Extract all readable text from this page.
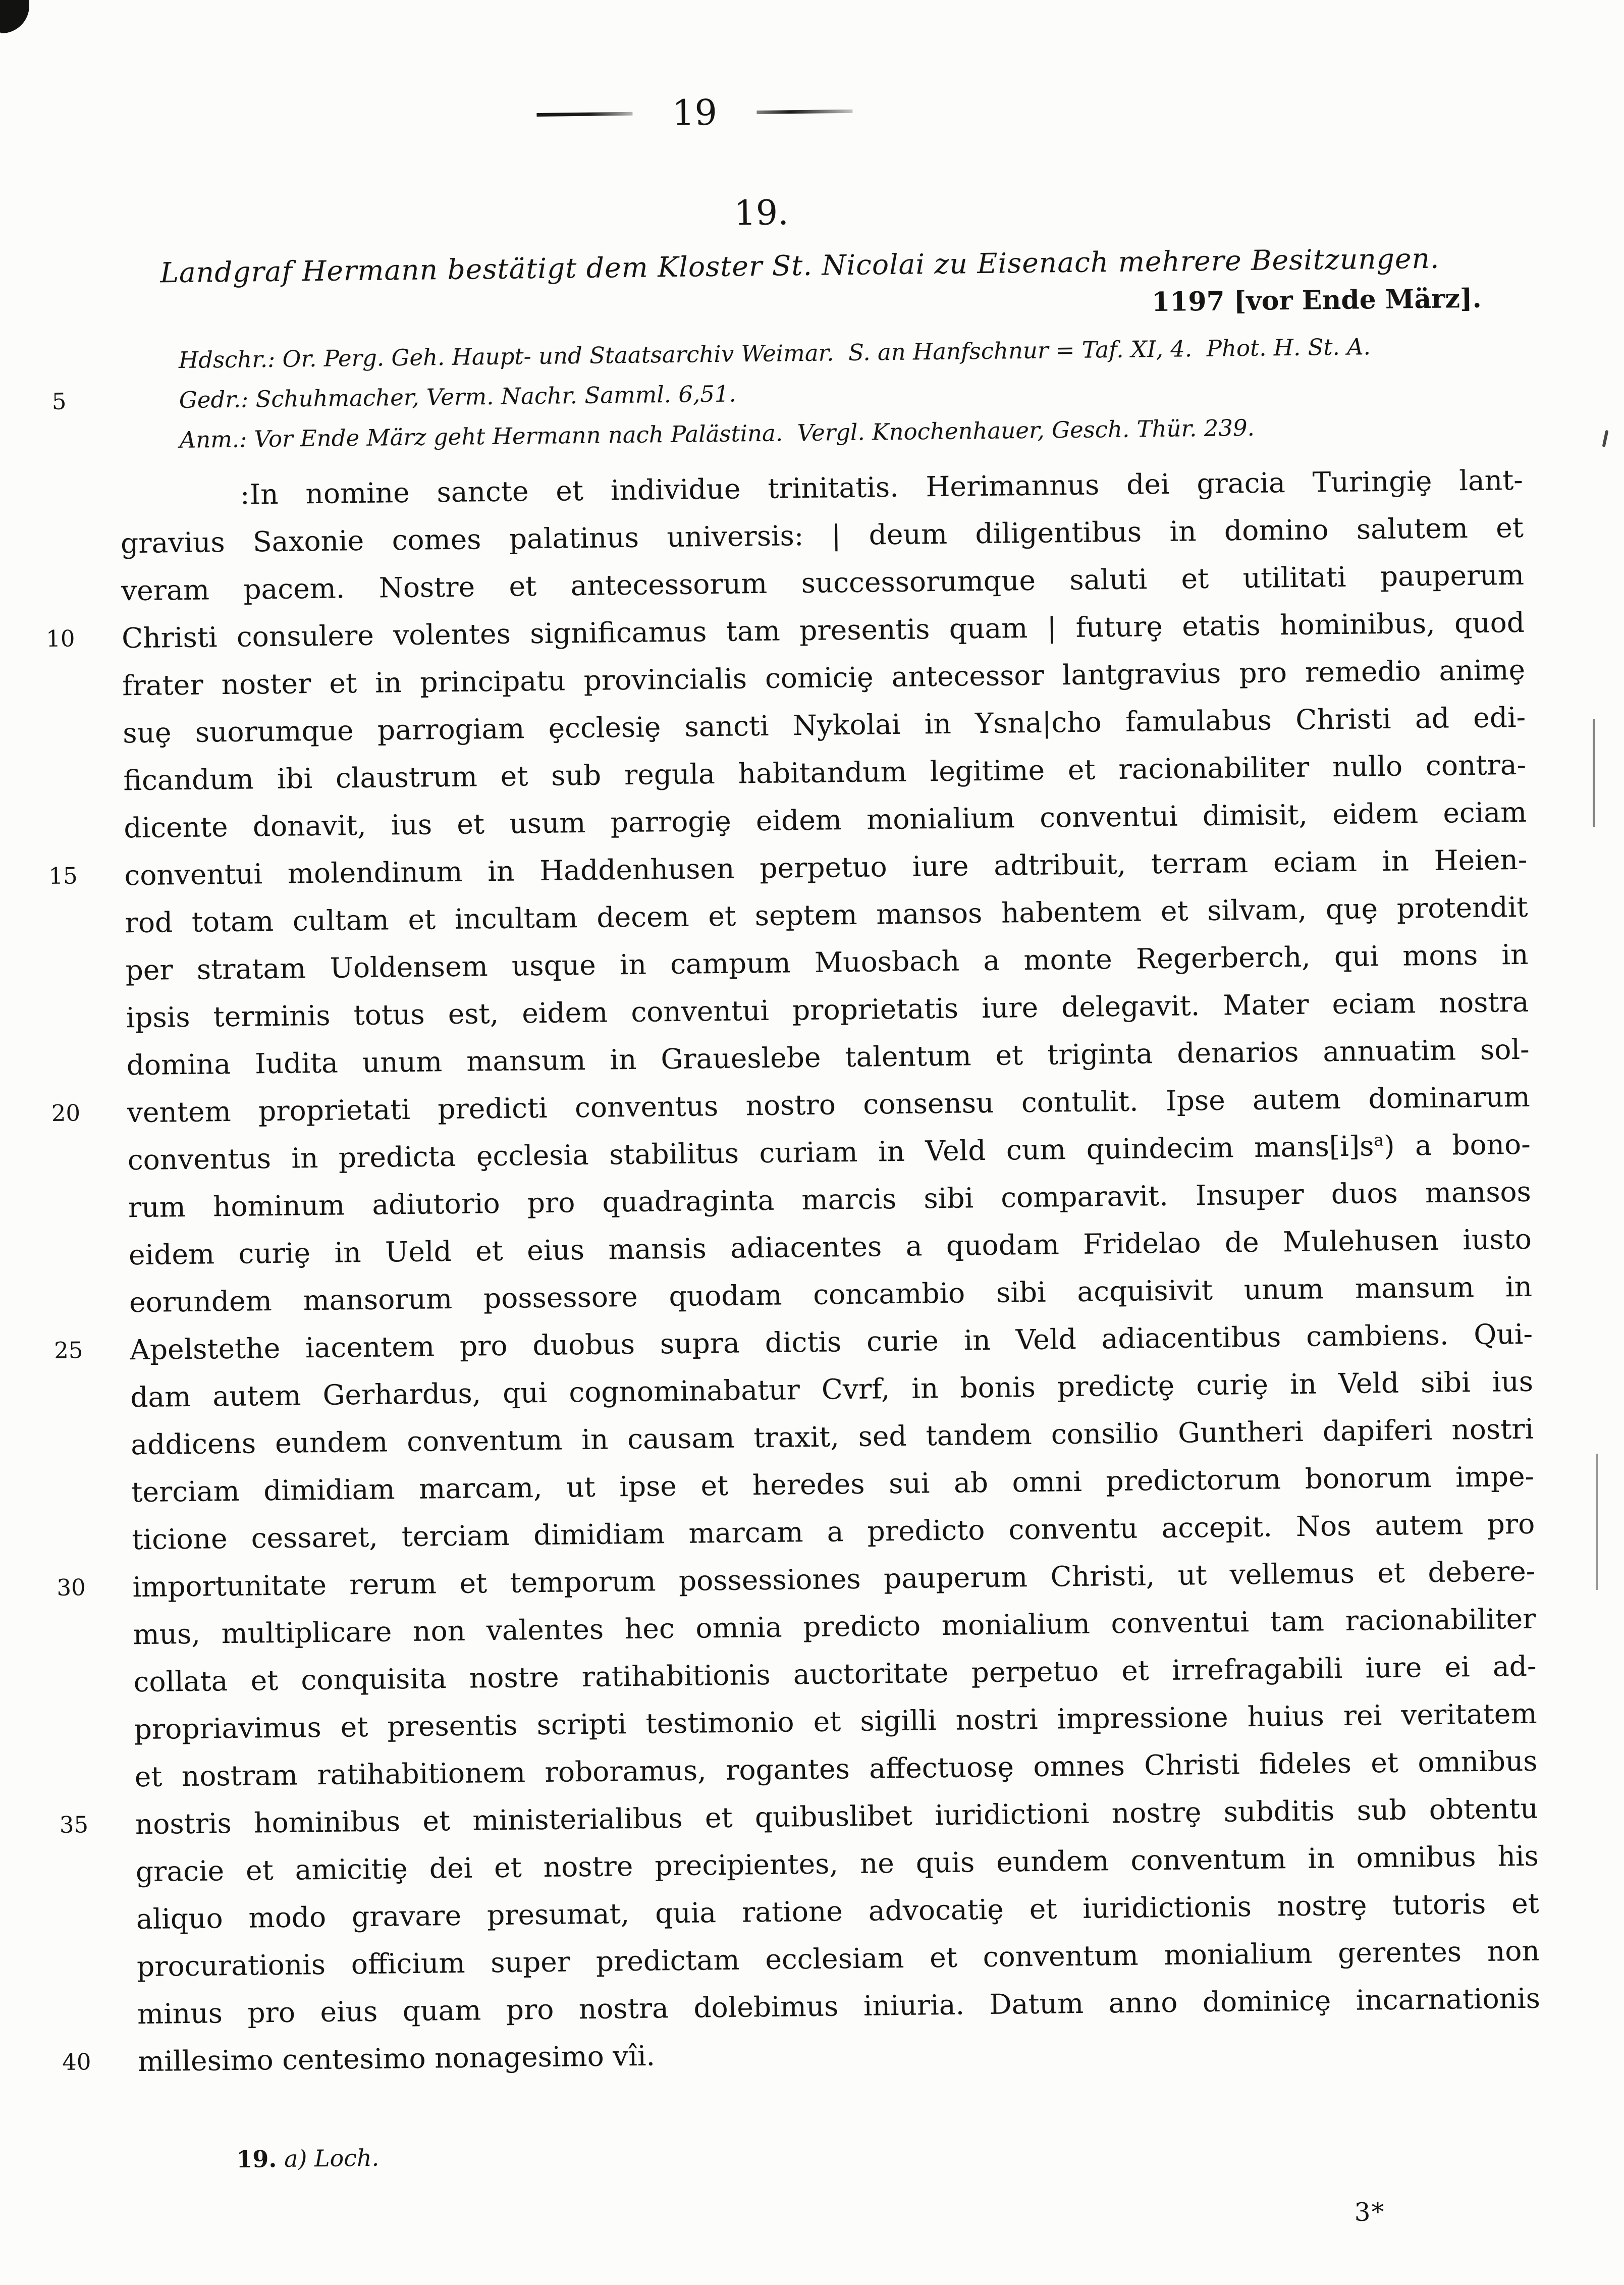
19
19.
Landgraf Hermann bestätigt dem Kloster St. Nicolai zu Eisenach mehrere Besitzungen.
1197 [vor Ende März].
Hdschr.: Or. Perg. Geh. Haupt- und Staatsarchiv Weimar.  S. an Hanfschnur = Taf. XI, 4.  Phot. H. St. A.
5	Gedr.: Schuhmacher, Verm. Nachr. Samml. 6,51.
Anm.: Vor Ende März geht Hermann nach Palästina.  Vergl. Knochenhauer, Gesch. Thür. 239.
:In nomine sancte et individue trinitatis. Herimannus dei gracia Turingiȩ lant-
gravius Saxonie comes palatinus universis: | deum diligentibus in domino salutem et
veram pacem. Nostre et antecessorum successorumque saluti et utilitati pauperum
10 Christi consulere volentes significamus tam presentis quam | futurȩ etatis hominibus, quod
frater noster et in principatu provincialis comiciȩ antecessor lantgravius pro remedio animȩ
suȩ suorumque parrogiam ȩcclesiȩ sancti Nykolai in Ysna|cho famulabus Christi ad edi-
ficandum ibi claustrum et sub regula habitandum legitime et racionabiliter nullo contra-
dicente donavit, ius et usum parrogiȩ eidem monialium conventui dimisit, eidem eciam
15 conventui molendinum in Haddenhusen perpetuo iure adtribuit, terram eciam in Heien-
rod totam cultam et incultam decem et septem mansos habentem et silvam, quȩ protendit
per stratam Uoldensem usque in campum Muosbach a monte Regerberch, qui mons in
ipsis terminis totus est, eidem conventui proprietatis iure delegavit. Mater eciam nostra
domina Iudita unum mansum in Graueslebe talentum et triginta denarios annuatim sol-
20 ventem proprietati predicti conventus nostro consensu contulit. Ipse autem dominarum
conventus in predicta ȩcclesia stabilitus curiam in Veld cum quindecim mans[i]s$^a$) a bono-
rum hominum adiutorio pro quadraginta marcis sibi comparavit. Insuper duos mansos
eidem curiȩ in Ueld et eius mansis adiacentes a quodam Fridelao de Mulehusen iusto
eorundem mansorum possessore quodam concambio sibi acquisivit unum mansum in
25 Apelstethe iacentem pro duobus supra dictis curie in Veld adiacentibus cambiens. Qui-
dam autem Gerhardus, qui cognominabatur Cvrf, in bonis predictȩ curiȩ in Veld sibi ius
addicens eundem conventum in causam traxit, sed tandem consilio Guntheri dapiferi nostri
terciam dimidiam marcam, ut ipse et heredes sui ab omni predictorum bonorum impe-
ticione cessaret, terciam dimidiam marcam a predicto conventu accepit. Nos autem pro
30 importunitate rerum et temporum possessiones pauperum Christi, ut vellemus et debere-
mus, multiplicare non valentes hec omnia predicto monialium conventui tam racionabiliter
collata et conquisita nostre ratihabitionis auctoritate perpetuo et irrefragabili iure ei ad-
propriavimus et presentis scripti testimonio et sigilli nostri impressione huius rei veritatem
et nostram ratihabitionem roboramus, rogantes affectuosȩ omnes Christi fideles et omnibus
35 nostris hominibus et ministerialibus et quibuslibet iuridictioni nostrȩ subditis sub obtentu
gracie et amicitiȩ dei et nostre precipientes, ne quis eundem conventum in omnibus his
aliquo modo gravare presumat, quia ratione advocatiȩ et iuridictionis nostrȩ tutoris et
procurationis officium super predictam ecclesiam et conventum monialium gerentes non
minus pro eius quam pro nostra dolebimus iniuria. Datum anno dominicȩ incarnationis
40 millesimo centesimo nonagesimo vîi.
19. a) Loch.
3*
